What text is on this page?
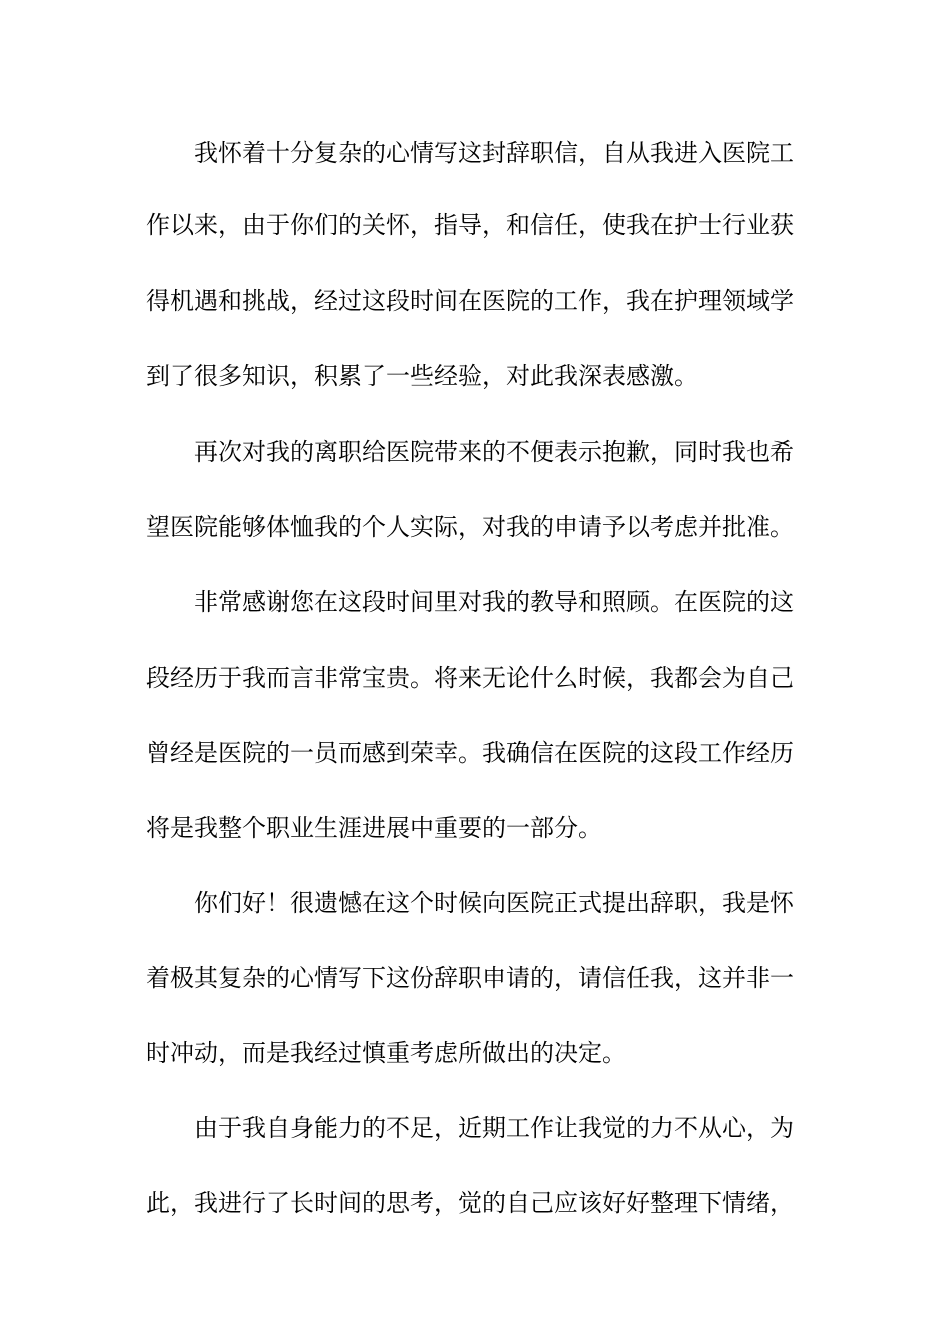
我怀着十分复杂的心情写这封辞职信，自从我进入医院工
作以来，由于你们的关怀，指导，和信任，使我在护士行业获
得机遇和挑战，经过这段时间在医院的工作，我在护理领域学
到了很多知识，积累了一些经验，对此我深表感激。
再次对我的离职给医院带来的不便表示抱歉，同时我也希
望医院能够体恤我的个人实际，对我的申请予以考虑并批准。
非常感谢您在这段时间里对我的教导和照顾。在医院的这
段经历于我而言非常宝贵。将来无论什么时候，我都会为自己
曾经是医院的一员而感到荣幸。我确信在医院的这段工作经历
将是我整个职业生涯进展中重要的一部分。
你们好！很遗憾在这个时候向医院正式提出辞职，我是怀
着极其复杂的心情写下这份辞职申请的，请信任我，这并非一
时冲动，而是我经过慎重考虑所做出的决定。
由于我自身能力的不足，近期工作让我觉的力不从心，为
此，我进行了长时间的思考，觉的自己应该好好整理下情绪，
